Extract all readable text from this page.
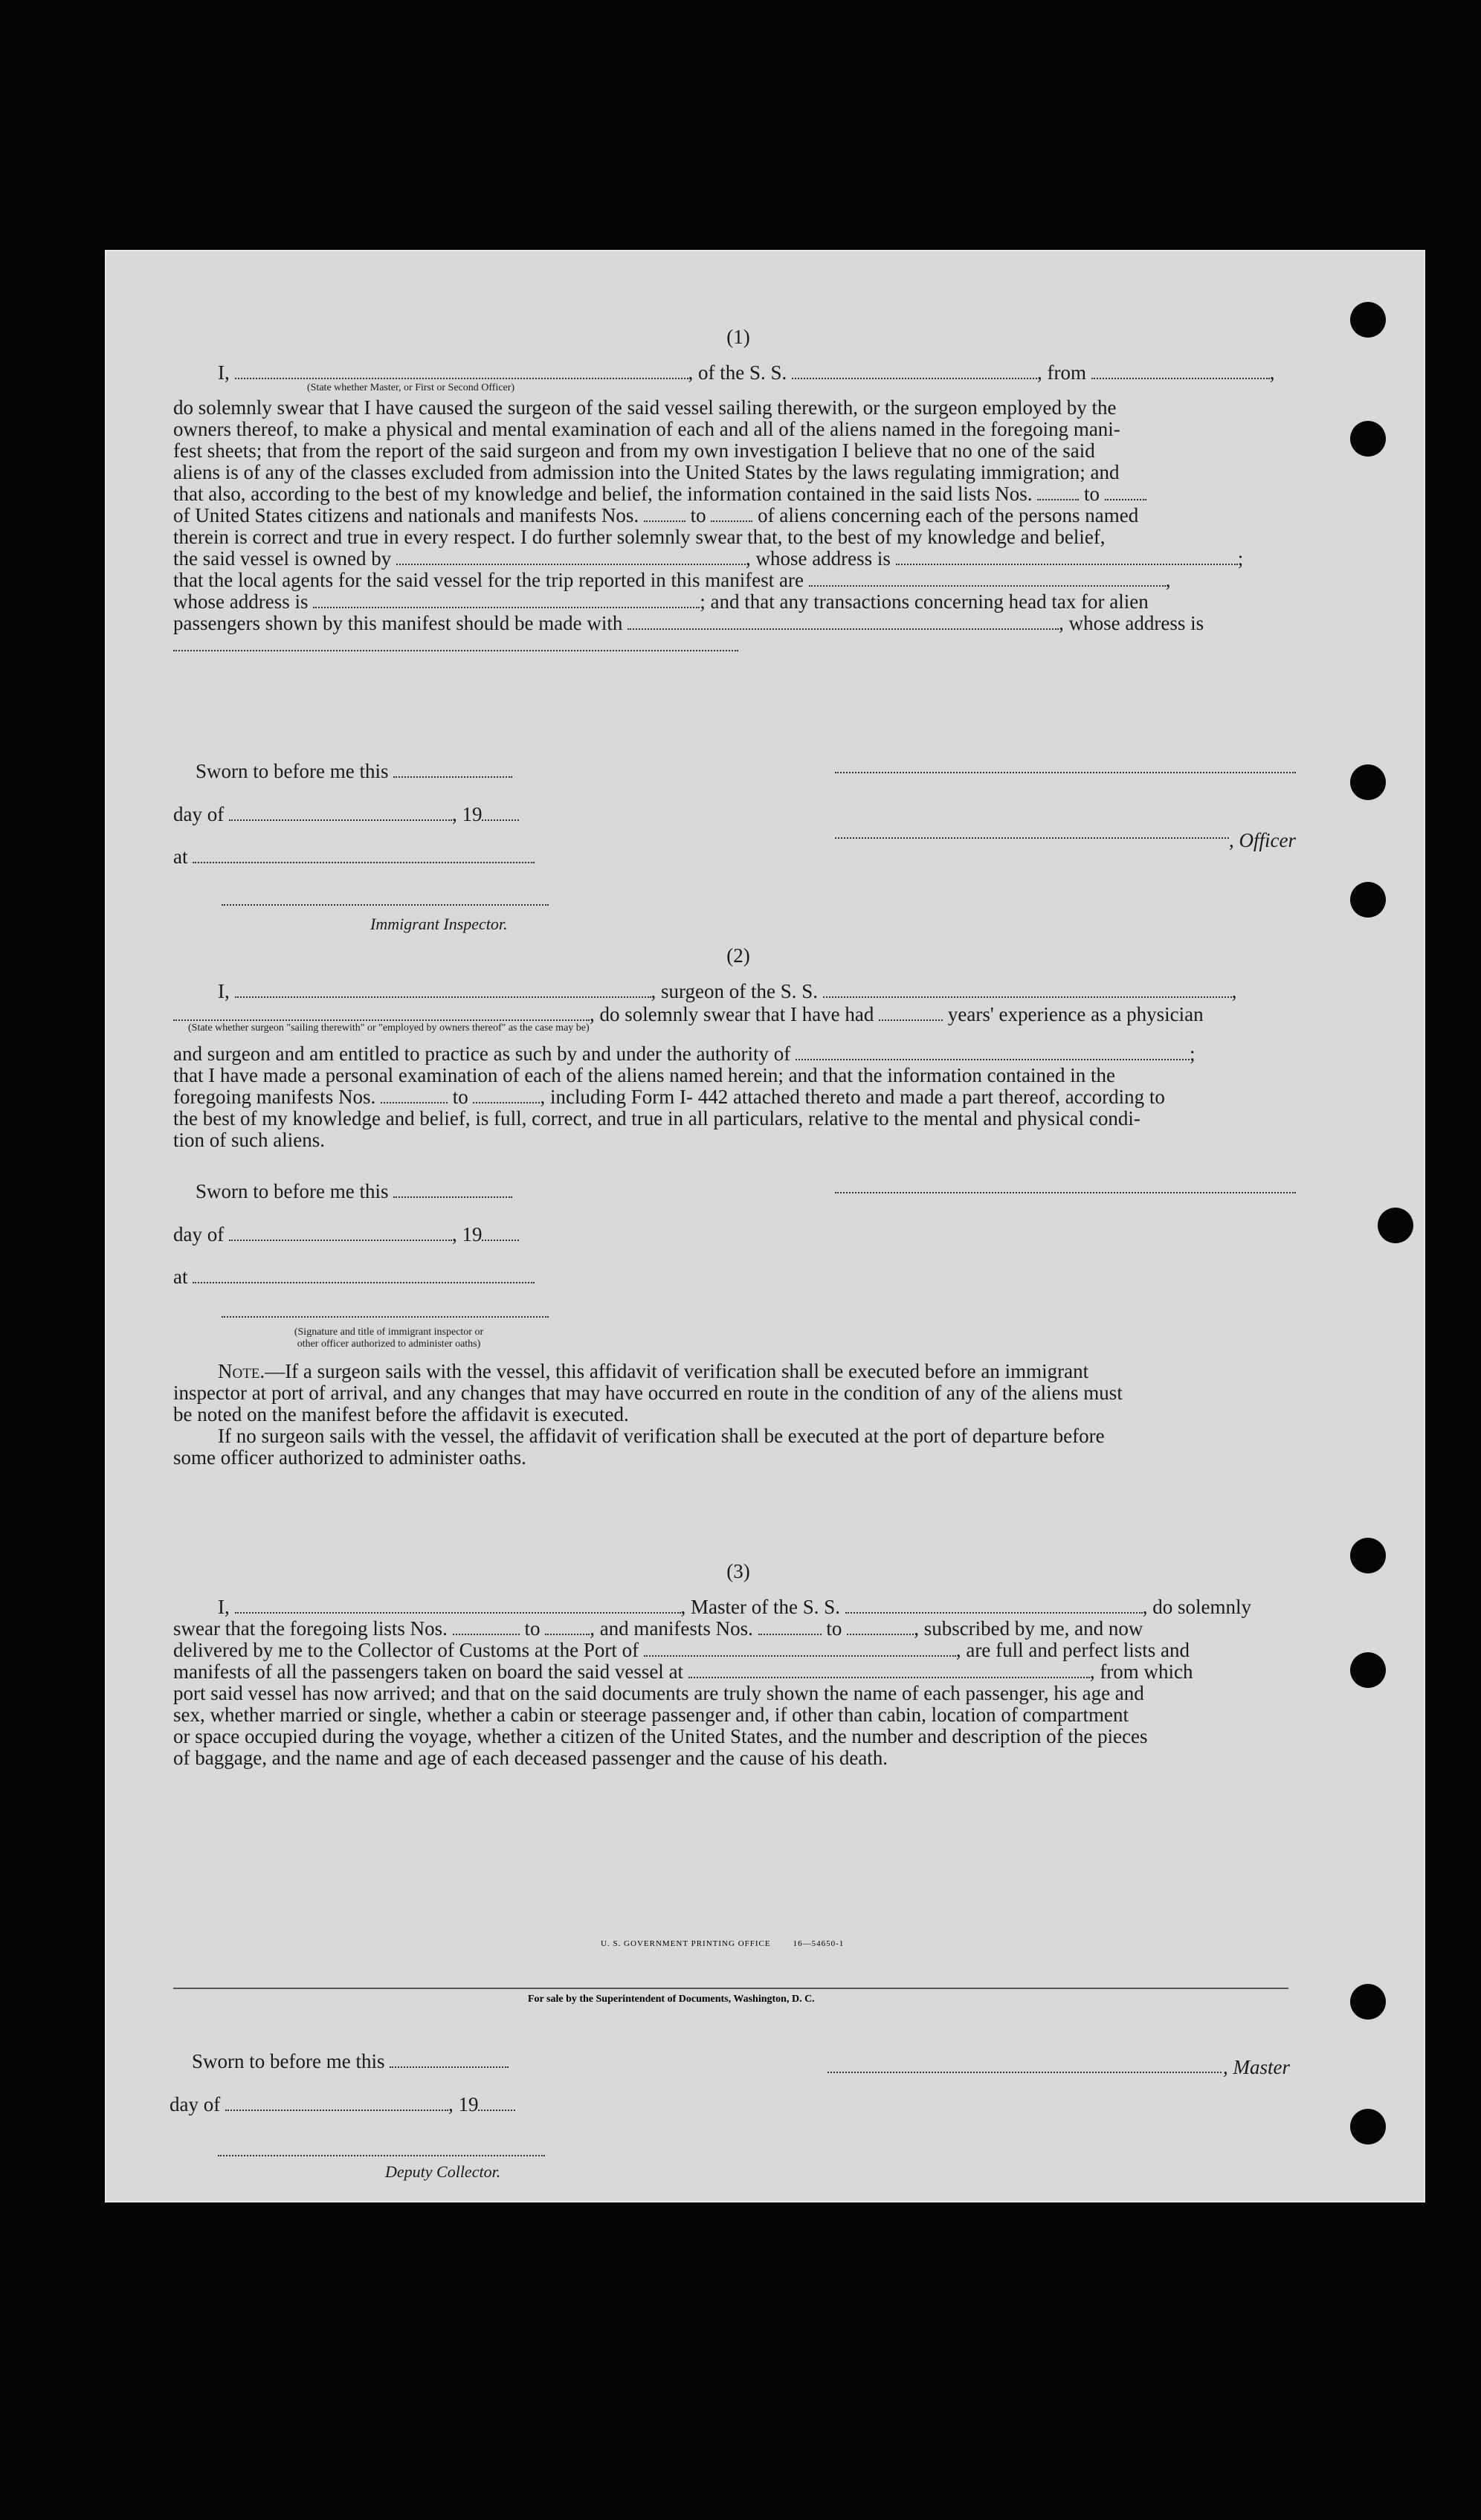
(1)
I,	, of the S. S.	, from	,
(State whether Master, or First or Second Officer)
do solemnly swear that I have caused the surgeon of the said vessel sailing therewith, or the surgeon employed by the
owners thereof, to make a physical and mental examination of each and all of the aliens named in the foregoing mani-
fest sheets; that from the report of the said surgeon and from my own investigation I believe that no one of the said
aliens is of any of the classes excluded from admission into the United States by the laws regulating immigration; and
that also, according to the best of my knowledge and belief, the information contained in the said lists Nos.	to
of United States citizens and nationals and manifests Nos.	to	of aliens concerning each of the persons named
therein is correct and true in every respect. I do further solemnly swear that, to the best of my knowledge and belief,
the said vessel is owned by	, whose address is	;
that the local agents for the said vessel for the trip reported in this manifest are	,
whose address is	; and that any transactions concerning head tax for alien
passengers shown by this manifest should be made with	, whose address is
Sworn to before me this
day of	, 19
at
Immigrant Inspector.
, Officer
(2)
I,	, surgeon of the S. S.	,
, do solemnly swear that I have had	years' experience as a physician
(State whether surgeon "sailing therewith" or "employed by owners thereof" as the case may be)
and surgeon and am entitled to practice as such by and under the authority of	;
that I have made a personal examination of each of the aliens named herein; and that the information contained in the
foregoing manifests Nos.	to	, including Form I- 442 attached thereto and made a part thereof, according to
the best of my knowledge and belief, is full, correct, and true in all particulars, relative to the mental and physical condi-
tion of such aliens.
Sworn to before me this
day of	, 19
at
(Signature and title of immigrant inspector or
other officer authorized to administer oaths)
Note.—If a surgeon sails with the vessel, this affidavit of verification shall be executed before an immigrant
inspector at port of arrival, and any changes that may have occurred en route in the condition of any of the aliens must
be noted on the manifest before the affidavit is executed.
If no surgeon sails with the vessel, the affidavit of verification shall be executed at the port of departure before
some officer authorized to administer oaths.
(3)
I,	, Master of the S. S.	, do solemnly
swear that the foregoing lists Nos.	to , and manifests Nos.	to	, subscribed by me, and now
delivered by me to the Collector of Customs at the Port of	, are full and perfect lists and
manifests of all the passengers taken on board the said vessel at	, from which
port said vessel has now arrived; and that on the said documents are truly shown the name of each passenger, his age and
sex, whether married or single, whether a cabin or steerage passenger and, if other than cabin, location of compartment
or space occupied during the voyage, whether a citizen of the United States, and the number and description of the pieces
of baggage, and the name and age of each deceased passenger and the cause of his death.
Sworn to before me this	, Master
day of	, 19
Deputy Collector.
U. S. GOVERNMENT PRINTING OFFICE	16—54650-1
For sale by the Superintendent of Documents, Washington, D. C.
